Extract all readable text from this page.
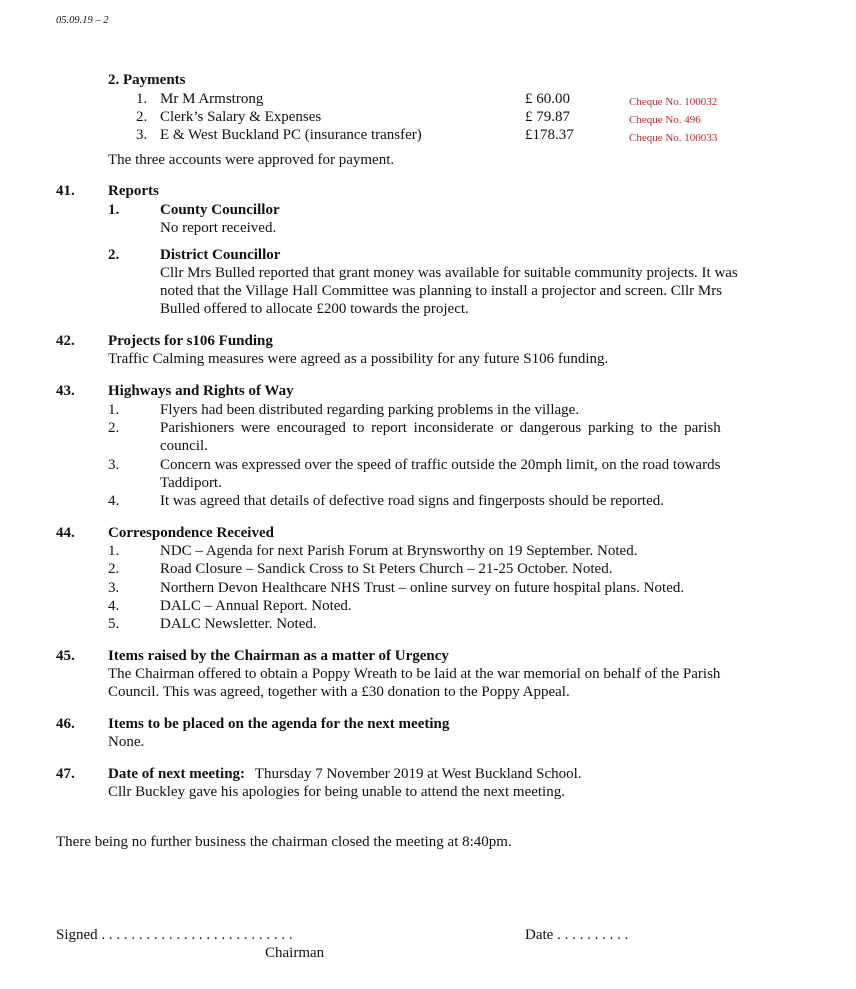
05.09.19 – 2
2. Payments
1. Mr M Armstrong	£ 60.00	Cheque No. 100032
2. Clerk’s Salary & Expenses	£ 79.87	Cheque No. 496
3. E & West Buckland PC (insurance transfer)	£178.37	Cheque No. 100033
The three accounts were approved for payment.
41. Reports
1.	County Councillor
No report received.
2.	District Councillor
Cllr Mrs Bulled reported that grant money was available for suitable community projects. It was
noted that the Village Hall Committee was planning to install a projector and screen. Cllr Mrs
Bulled offered to allocate £200 towards the project.
42. Projects for s106 Funding
Traffic Calming measures were agreed as a possibility for any future S106 funding.
43. Highways and Rights of Way
1.	Flyers had been distributed regarding parking problems in the village.
2.	Parishioners were encouraged to report inconsiderate or dangerous parking to the parish
council.
3.	Concern was expressed over the speed of traffic outside the 20mph limit, on the road towards
Taddiport.
4.	It was agreed that details of defective road signs and fingerposts should be reported.
44. Correspondence Received
1.	NDC – Agenda for next Parish Forum at Brynsworthy on 19 September. Noted.
2.	Road Closure – Sandick Cross to St Peters Church – 21-25 October. Noted.
3.	Northern Devon Healthcare NHS Trust – online survey on future hospital plans. Noted.
4.	DALC – Annual Report. Noted.
5.	DALC Newsletter. Noted.
45. Items raised by the Chairman as a matter of Urgency
The Chairman offered to obtain a Poppy Wreath to be laid at the war memorial on behalf of the Parish
Council. This was agreed, together with a £30 donation to the Poppy Appeal.
46. Items to be placed on the agenda for the next meeting
None.
47. Date of next meeting: Thursday 7 November 2019 at West Buckland School.
Cllr Buckley gave his apologies for being unable to attend the next meeting.
There being no further business the chairman closed the meeting at 8:40pm.
Signed . . . . . . . . . . . . . . . . . . . . . . . . . .
Chairman
Date . . . . . . . . . .
